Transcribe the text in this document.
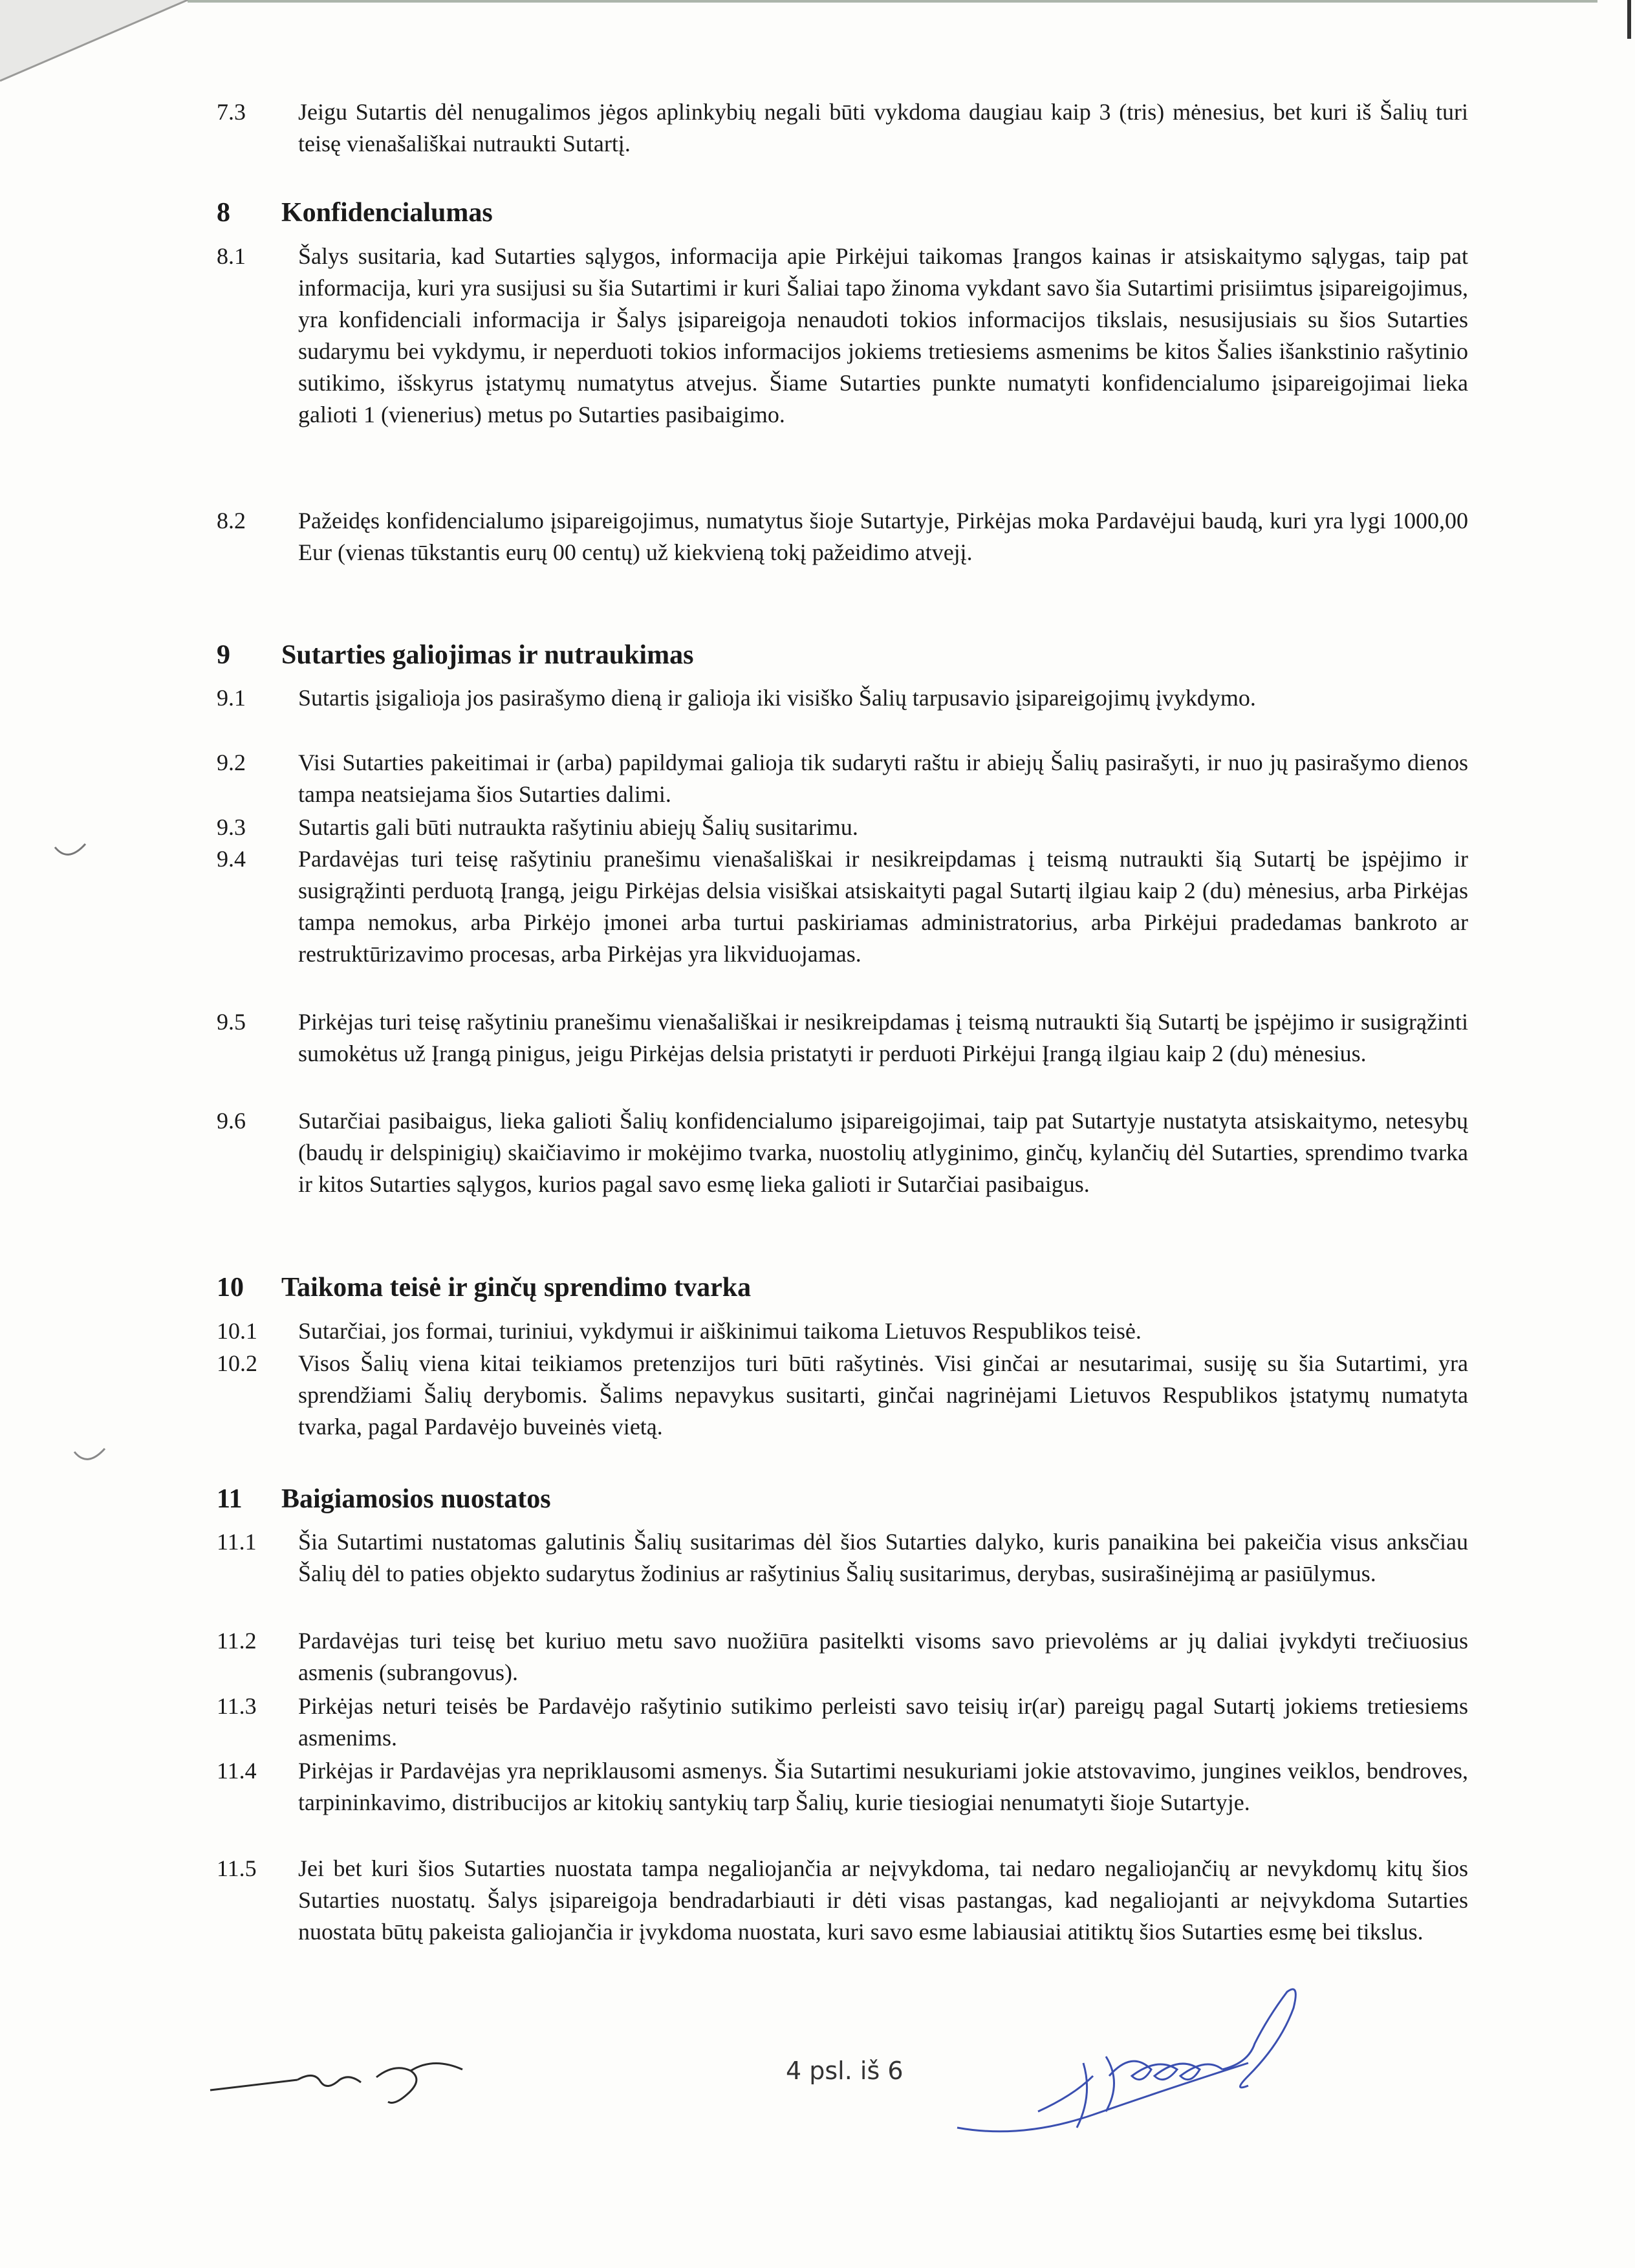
7.3 Jeigu Sutartis dėl nenugalimos jėgos aplinkybių negali būti vykdoma daugiau kaip 3 (tris) mėnesius, bet kuri iš Šalių turi teisę vienašališkai nutraukti Sutartį.
8 Konfidencialumas
8.1 Šalys susitaria, kad Sutarties sąlygos, informacija apie Pirkėjui taikomas Įrangos kainas ir atsiskaitymo sąlygas, taip pat informacija, kuri yra susijusi su šia Sutartimi ir kuri Šaliai tapo žinoma vykdant savo šia Sutartimi prisiimtus įsipareigojimus, yra konfidenciali informacija ir Šalys įsipareigoja nenaudoti tokios informacijos tikslais, nesusijusiais su šios Sutarties sudarymu bei vykdymu, ir neperduoti tokios informacijos jokiems tretiesiems asmenims be kitos Šalies išankstinio rašytinio sutikimo, išskyrus įstatymų numatytus atvejus. Šiame Sutarties punkte numatyti konfidencialumo įsipareigojimai lieka galioti 1 (vienerius) metus po Sutarties pasibaigimo.
8.2 Pažeidęs konfidencialumo įsipareigojimus, numatytus šioje Sutartyje, Pirkėjas moka Pardavėjui baudą, kuri yra lygi 1000,00 Eur (vienas tūkstantis eurų 00 centų) už kiekvieną tokį pažeidimo atvejį.
9 Sutarties galiojimas ir nutraukimas
9.1 Sutartis įsigalioja jos pasirašymo dieną ir galioja iki visiško Šalių tarpusavio įsipareigojimų įvykdymo.
9.2 Visi Sutarties pakeitimai ir (arba) papildymai galioja tik sudaryti raštu ir abiejų Šalių pasirašyti, ir nuo jų pasirašymo dienos tampa neatsiejama šios Sutarties dalimi.
9.3 Sutartis gali būti nutraukta rašytiniu abiejų Šalių susitarimu.
9.4 Pardavėjas turi teisę rašytiniu pranešimu vienašališkai ir nesikreipdamas į teismą nutraukti šią Sutartį be įspėjimo ir susigrąžinti perduotą Įrangą, jeigu Pirkėjas delsia visiškai atsiskaityti pagal Sutartį ilgiau kaip 2 (du) mėnesius, arba Pirkėjas tampa nemokus, arba Pirkėjo įmonei arba turtui paskiriamas administratorius, arba Pirkėjui pradedamas bankroto ar restruktūrizavimo procesas, arba Pirkėjas yra likviduojamas.
9.5 Pirkėjas turi teisę rašytiniu pranešimu vienašališkai ir nesikreipdamas į teismą nutraukti šią Sutartį be įspėjimo ir susigrąžinti sumokėtus už Įrangą pinigus, jeigu Pirkėjas delsia pristatyti ir perduoti Pirkėjui Įrangą ilgiau kaip 2 (du) mėnesius.
9.6 Sutarčiai pasibaigus, lieka galioti Šalių konfidencialumo įsipareigojimai, taip pat Sutartyje nustatyta atsiskaitymo, netesybų (baudų ir delspinigių) skaičiavimo ir mokėjimo tvarka, nuostolių atlyginimo, ginčų, kylančių dėl Sutarties, sprendimo tvarka ir kitos Sutarties sąlygos, kurios pagal savo esmę lieka galioti ir Sutarčiai pasibaigus.
10 Taikoma teisė ir ginčų sprendimo tvarka
10.1 Sutarčiai, jos formai, turiniui, vykdymui ir aiškinimui taikoma Lietuvos Respublikos teisė.
10.2 Visos Šalių viena kitai teikiamos pretenzijos turi būti rašytinės. Visi ginčai ar nesutarimai, susiję su šia Sutartimi, yra sprendžiami Šalių derybomis. Šalims nepavykus susitarti, ginčai nagrinėjami Lietuvos Respublikos įstatymų numatyta tvarka, pagal Pardavėjo buveinės vietą.
11 Baigiamosios nuostatos
11.1 Šia Sutartimi nustatomas galutinis Šalių susitarimas dėl šios Sutarties dalyko, kuris panaikina bei pakeičia visus anksčiau Šalių dėl to paties objekto sudarytus žodinius ar rašytinius Šalių susitarimus, derybas, susirašinėjimą ar pasiūlymus.
11.2 Pardavėjas turi teisę bet kuriuo metu savo nuožiūra pasitelkti visoms savo prievolėms ar jų daliai įvykdyti trečiuosius asmenis (subrangovus).
11.3 Pirkėjas neturi teisės be Pardavėjo rašytinio sutikimo perleisti savo teisių ir(ar) pareigų pagal Sutartį jokiems tretiesiems asmenims.
11.4 Pirkėjas ir Pardavėjas yra nepriklausomi asmenys. Šia Sutartimi nesukuriami jokie atstovavimo, jungines veiklos, bendroves, tarpininkavimo, distribucijos ar kitokių santykių tarp Šalių, kurie tiesiogiai nenumatyti šioje Sutartyje.
11.5 Jei bet kuri šios Sutarties nuostata tampa negaliojančia ar neįvykdoma, tai nedaro negaliojančių ar nevykdomų kitų šios Sutarties nuostatų. Šalys įsipareigoja bendradarbiauti ir dėti visas pastangas, kad negaliojanti ar neįvykdoma Sutarties nuostata būtų pakeista galiojančia ir įvykdoma nuostata, kuri savo esme labiausiai atitiktų šios Sutarties esmę bei tikslus.
4 psl. iš 6
